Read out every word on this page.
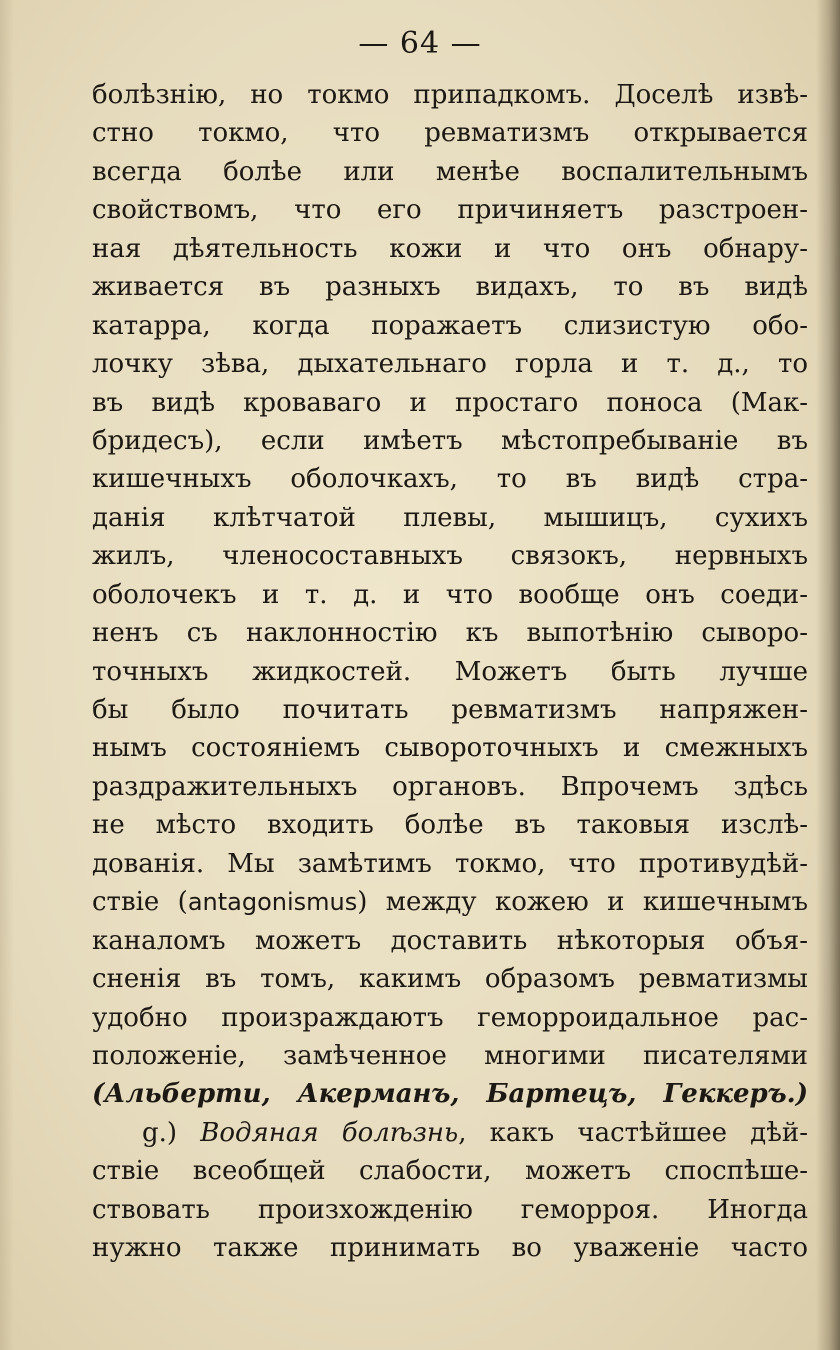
— 64 —
болѣзнію, но токмо припадкомъ. Доселѣ извѣ-
стно токмо, что ревматизмъ открывается
всегда болѣе или менѣе воспалительнымъ
свойствомъ, что его причиняетъ разстроен-
ная дѣятельность кожи и что онъ обнару-
живается въ разныхъ видахъ, то въ видѣ
катарра, когда поражаетъ слизистую обо-
лочку зѣва, дыхательнаго горла и т. д., то
въ видѣ кроваваго и простаго поноса (Мак-
бридесъ), если имѣетъ мѣстопребываніе въ
кишечныхъ оболочкахъ, то въ видѣ стра-
данія клѣтчатой плевы, мышицъ, сухихъ
жилъ, членосоставныхъ связокъ, нервныхъ
оболочекъ и т. д. и что вообще онъ соеди-
ненъ съ наклонностію къ выпотѣнію сыворо-
точныхъ жидкостей. Можетъ быть лучше
бы было почитать ревматизмъ напряжен-
нымъ состояніемъ сывороточныхъ и смежныхъ
раздражительныхъ органовъ. Впрочемъ здѣсь
не мѣсто входить болѣе въ таковыя изслѣ-
дованія. Мы замѣтимъ токмо, что противудѣй-
ствіе (antagonismus) между кожею и кишечнымъ
каналомъ можетъ доставить нѣкоторыя объя-
сненія въ томъ, какимъ образомъ ревматизмы
удобно произраждаютъ геморроидальное рас-
положеніе, замѣченное многими писателями
(Альберти, Акерманъ, Бартецъ, Геккеръ.)
g.) Водяная болѣзнь, какъ частѣйшее дѣй-
ствіе всеобщей слабости, можетъ споспѣше-
ствовать произхожденію геморроя. Иногда
нужно также принимать во уваженіе часто
